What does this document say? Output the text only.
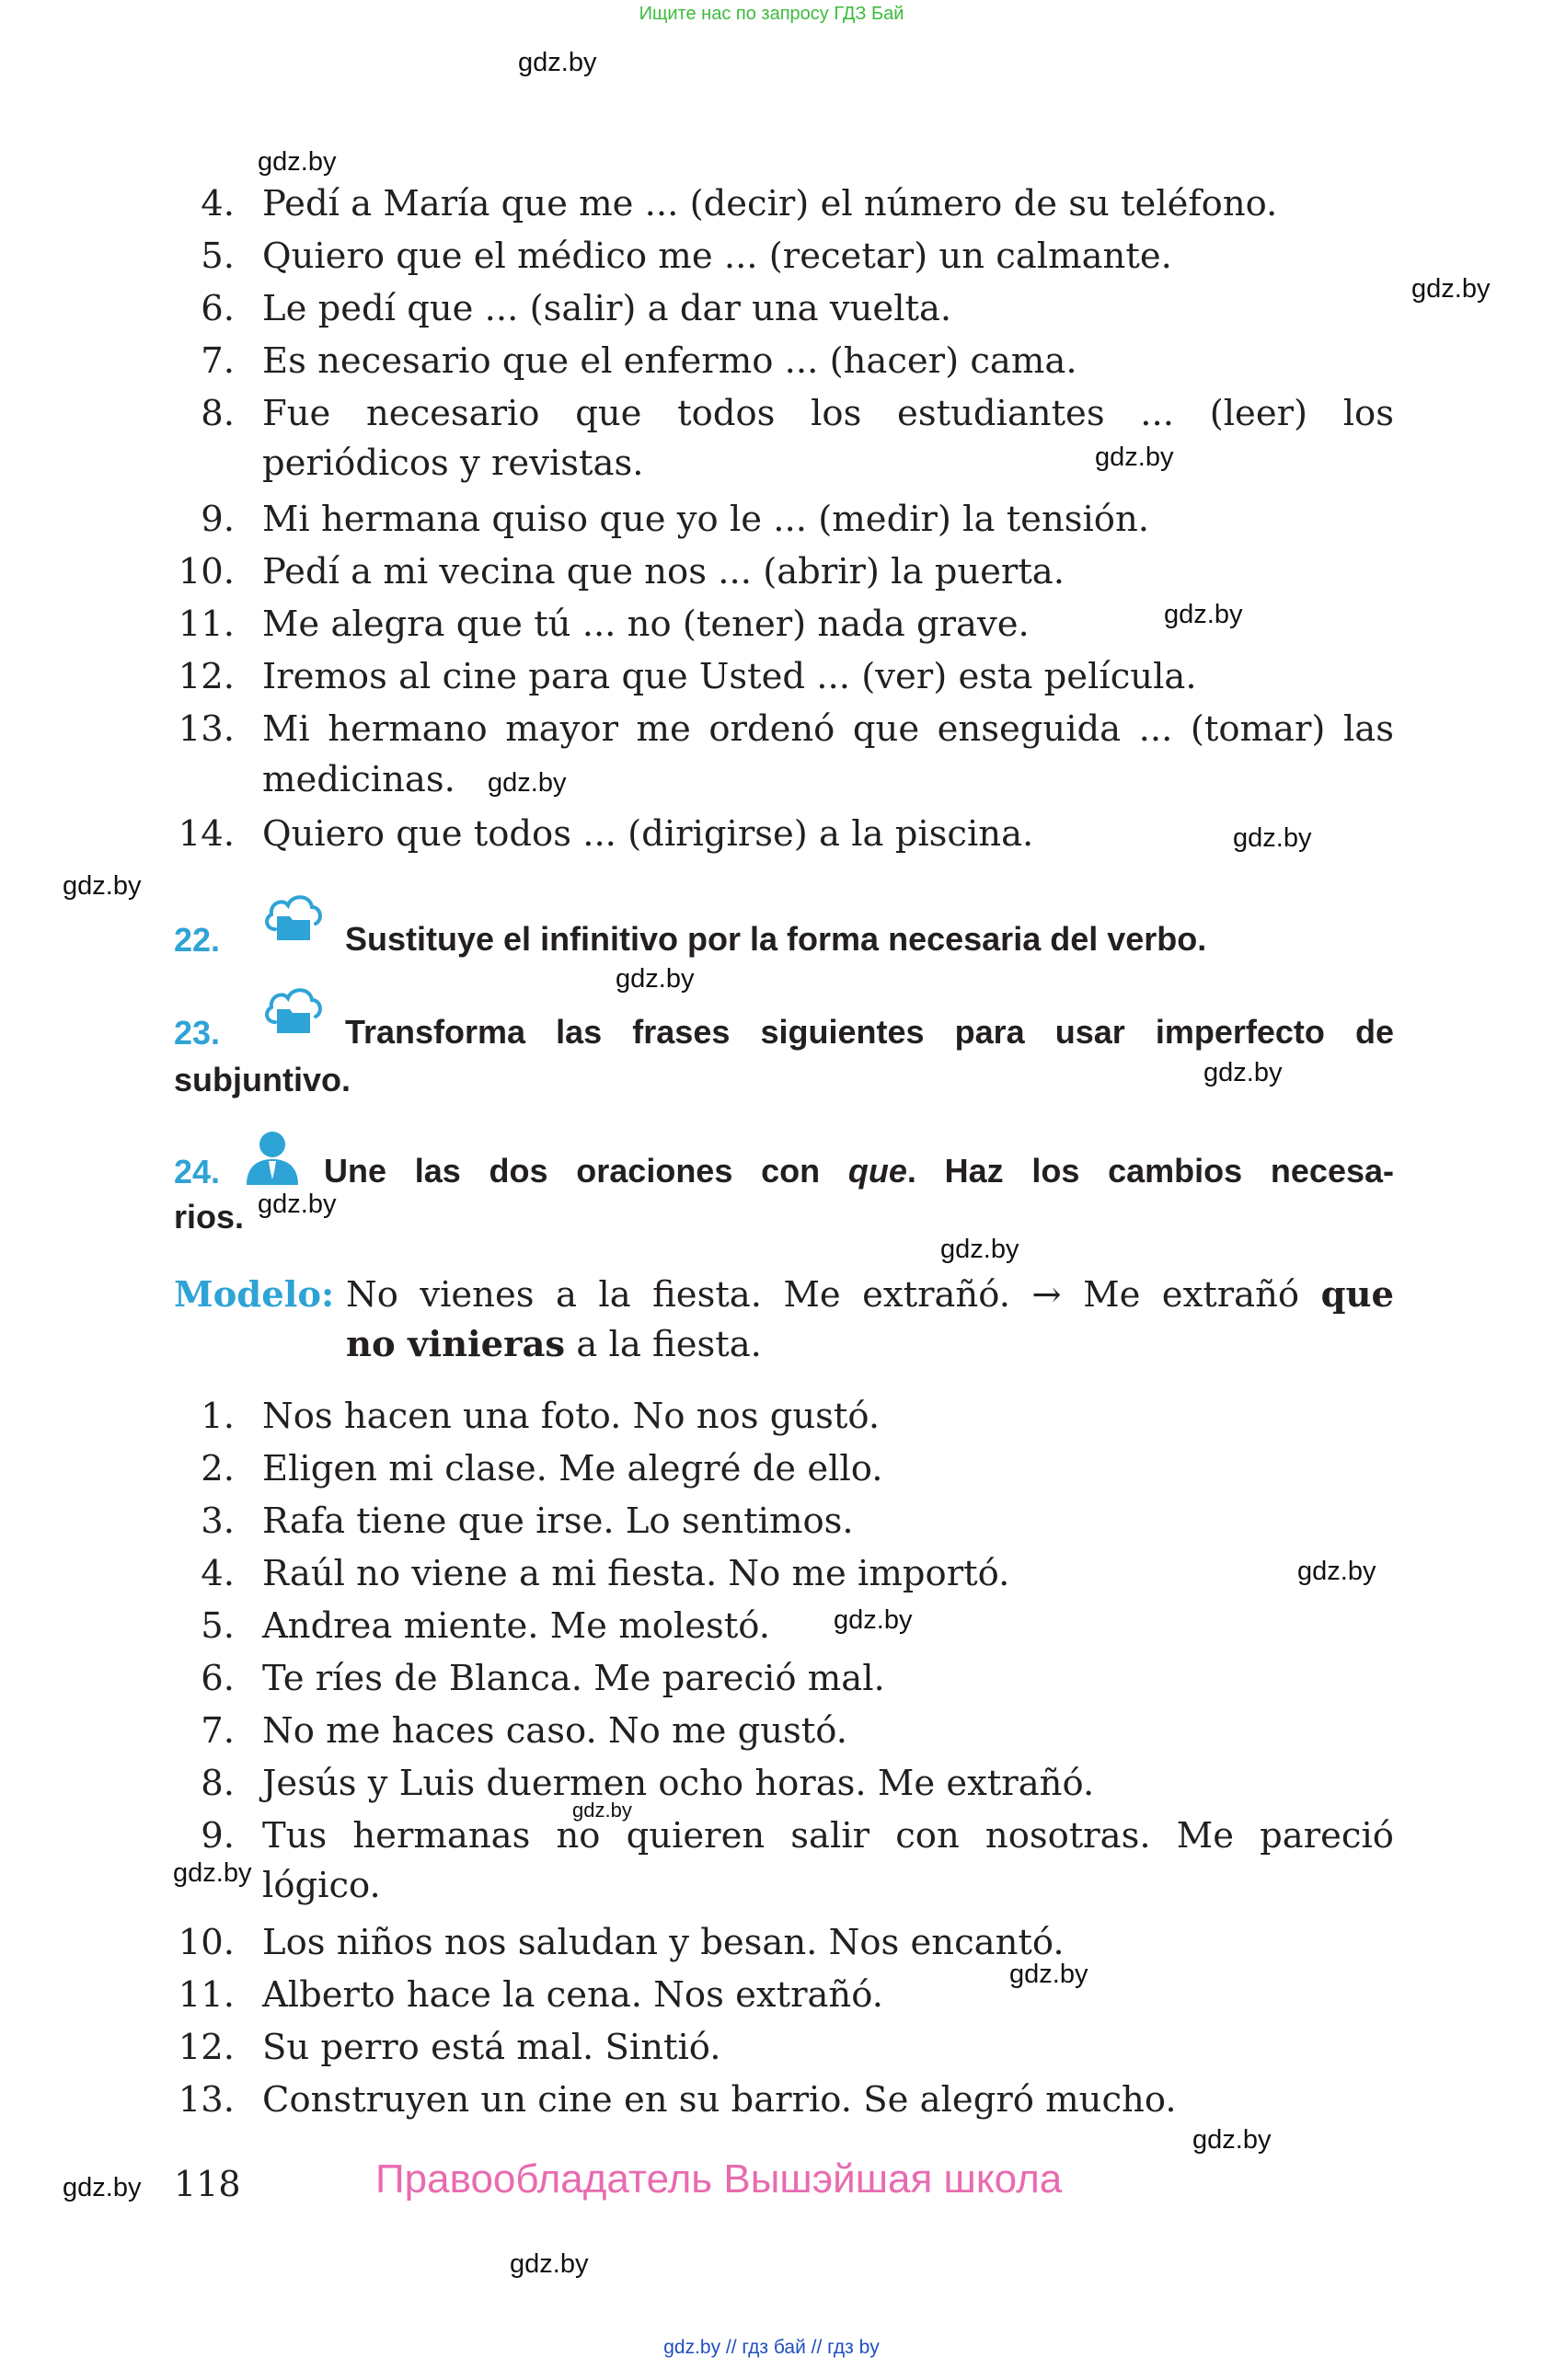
Ищите нас по запросу ГДЗ Бай
gdz.by
gdz.by
gdz.by
gdz.by
gdz.by
gdz.by
gdz.by
gdz.by
gdz.by
gdz.by
gdz.by
gdz.by
gdz.by
gdz.by
gdz.by
gdz.by
gdz.by
gdz.by
gdz.by
gdz.by
4. Pedí a María que me ... (decir) el número de su teléfono.
5. Quiero que el médico me ... (recetar) un calmante.
6. Le pedí que ... (salir) a dar una vuelta.
7. Es necesario que el enfermo ... (hacer) cama.
8. Fue necesario que todos los estudiantes ... (leer) los
periódicos y revistas.
9. Mi hermana quiso que yo le ... (medir) la tensión.
10. Pedí a mi vecina que nos ... (abrir) la puerta.
11. Me alegra que tú ... no (tener) nada grave.
12. Iremos al cine para que Usted ... (ver) esta película.
13. Mi hermano mayor me ordenó que enseguida ... (tomar) las
medicinas.
14. Quiero que todos ... (dirigirse) a la piscina.
22.	Sustituye el infinitivo por la forma necesaria del verbo.
23.	Transforma las frases siguientes para usar imperfecto de
subjuntivo.
24.	Une las dos oraciones con que. Haz los cambios necesa-
rios.
Modelo: No vienes a la fiesta. Me extrañó. → Me extrañó que
no vinieras a la fiesta.
1. Nos hacen una foto. No nos gustó.
2. Eligen mi clase. Me alegré de ello.
3. Rafa tiene que irse. Lo sentimos.
4. Raúl no viene a mi fiesta. No me importó.
5. Andrea miente. Me molestó.
6. Te ríes de Blanca. Me pareció mal.
7. No me haces caso. No me gustó.
8. Jesús y Luis duermen ocho horas. Me extrañó.
9. Tus hermanas no quieren salir con nosotras. Me pareció
lógico.
10. Los niños nos saludan y besan. Nos encantó.
11. Alberto hace la cena. Nos extrañó.
12. Su perro está mal. Sintió.
13. Construyen un cine en su barrio. Se alegró mucho.
118	Правообладатель Вышэйшая школа
gdz.by // гдз бай // гдз by
